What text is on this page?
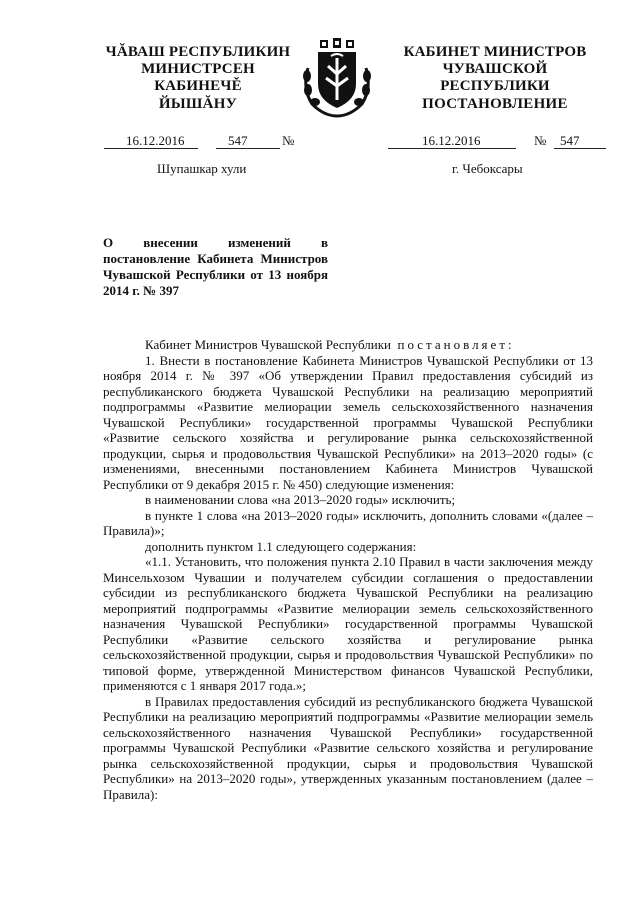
ЧĂВАШ РЕСПУБЛИКИН
МИНИСТРСЕН КАБИНЕЧĚ
ЙЫШĂНУ
КАБИНЕТ МИНИСТРОВ
ЧУВАШСКОЙ РЕСПУБЛИКИ
ПОСТАНОВЛЕНИЕ
16.12.2016	547	№	16.12.2016	№ 547
Шупашкар хули	г. Чебоксары
О внесении изменений в постановление Кабинета Министров Чувашской Республики от 13 ноября 2014 г. № 397

Кабинет Министров Чувашской Республики постановляет:

1. Внести в постановление Кабинета Министров Чувашской Республики от 13 ноября 2014 г. № 397 «Об утверждении Правил предоставления субсидий из республиканского бюджета Чувашской Республики на реализацию мероприятий подпрограммы «Развитие мелиорации земель сельскохозяйственного назначения Чувашской Республики» государственной программы Чувашской Республики «Развитие сельского хозяйства и регулирование рынка сельскохозяйственной продукции, сырья и продовольствия Чувашской Республики» на 2013–2020 годы» (с изменениями, внесенными постановлением Кабинета Министров Чувашской Республики от 9 декабря 2015 г. № 450) следующие изменения:

в наименовании слова «на 2013–2020 годы» исключить;

в пункте 1 слова «на 2013–2020 годы» исключить, дополнить словами «(далее – Правила)»;

дополнить пунктом 1.1 следующего содержания:

«1.1. Установить, что положения пункта 2.10 Правил в части заключения между Минсельхозом Чувашии и получателем субсидии соглашения о предоставлении субсидии из республиканского бюджета Чувашской Республики на реализацию мероприятий подпрограммы «Развитие мелиорации земель сельскохозяйственного назначения Чувашской Республики» государственной программы Чувашской Республики «Развитие сельского хозяйства и регулирование рынка сельскохозяйственной продукции, сырья и продовольствия Чувашской Республики» по типовой форме, утвержденной Министерством финансов Чувашской Республики, применяются с 1 января 2017 года.»;

в Правилах предоставления субсидий из республиканского бюджета Чувашской Республики на реализацию мероприятий подпрограммы «Развитие мелиорации земель сельскохозяйственного назначения Чувашской Республики» государственной программы Чувашской Республики «Развитие сельского хозяйства и регулирование рынка сельскохозяйственной продукции, сырья и продовольствия Чувашской Республики» на 2013–2020 годы», утвержденных указанным постановлением (далее – Правила):
